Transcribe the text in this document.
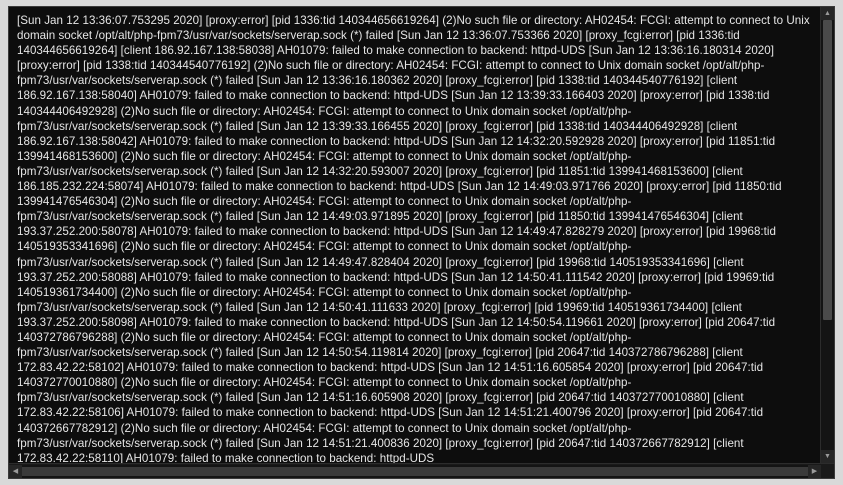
[Sun Jan 12 13:36:07.753295 2020] [proxy:error] [pid 1336:tid 140344656619264] (2)No such file or directory: AH02454: FCGI: attempt to connect to Unix domain socket /opt/alt/php-fpm73/usr/var/sockets/serverap.sock (*) failed [Sun Jan 12 13:36:07.753366 2020] [proxy_fcgi:error] [pid 1336:tid 140344656619264] [client 186.92.167.138:58038] AH01079: failed to make connection to backend: httpd-UDS [Sun Jan 12 13:36:16.180314 2020] [proxy:error] [pid 1338:tid 140344540776192] (2)No such file or directory: AH02454: FCGI: attempt to connect to Unix domain socket /opt/alt/php-fpm73/usr/var/sockets/serverap.sock (*) failed [Sun Jan 12 13:36:16.180362 2020] [proxy_fcgi:error] [pid 1338:tid 140344540776192] [client 186.92.167.138:58040] AH01079: failed to make connection to backend: httpd-UDS [Sun Jan 12 13:39:33.166403 2020] [proxy:error] [pid 1338:tid 140344406492928] (2)No such file or directory: AH02454: FCGI: attempt to connect to Unix domain socket /opt/alt/php-fpm73/usr/var/sockets/serverap.sock (*) failed [Sun Jan 12 13:39:33.166455 2020] [proxy_fcgi:error] [pid 1338:tid 140344406492928] [client 186.92.167.138:58042] AH01079: failed to make connection to backend: httpd-UDS [Sun Jan 12 14:32:20.592928 2020] [proxy:error] [pid 11851:tid 139941468153600] (2)No such file or directory: AH02454: FCGI: attempt to connect to Unix domain socket /opt/alt/php-fpm73/usr/var/sockets/serverap.sock (*) failed [Sun Jan 12 14:32:20.593007 2020] [proxy_fcgi:error] [pid 11851:tid 139941468153600] [client 186.185.232.224:58074] AH01079: failed to make connection to backend: httpd-UDS [Sun Jan 12 14:49:03.971766 2020] [proxy:error] [pid 11850:tid 139941476546304] (2)No such file or directory: AH02454: FCGI: attempt to connect to Unix domain socket /opt/alt/php-fpm73/usr/var/sockets/serverap.sock (*) failed [Sun Jan 12 14:49:03.971895 2020] [proxy_fcgi:error] [pid 11850:tid 139941476546304] [client 193.37.252.200:58078] AH01079: failed to make connection to backend: httpd-UDS [Sun Jan 12 14:49:47.828279 2020] [proxy:error] [pid 19968:tid 140519353341696] (2)No such file or directory: AH02454: FCGI: attempt to connect to Unix domain socket /opt/alt/php-fpm73/usr/var/sockets/serverap.sock (*) failed [Sun Jan 12 14:49:47.828404 2020] [proxy_fcgi:error] [pid 19968:tid 140519353341696] [client 193.37.252.200:58088] AH01079: failed to make connection to backend: httpd-UDS [Sun Jan 12 14:50:41.111542 2020] [proxy:error] [pid 19969:tid 140519361734400] (2)No such file or directory: AH02454: FCGI: attempt to connect to Unix domain socket /opt/alt/php-fpm73/usr/var/sockets/serverap.sock (*) failed [Sun Jan 12 14:50:41.111633 2020] [proxy_fcgi:error] [pid 19969:tid 140519361734400] [client 193.37.252.200:58098] AH01079: failed to make connection to backend: httpd-UDS [Sun Jan 12 14:50:54.119661 2020] [proxy:error] [pid 20647:tid 140372786796288] (2)No such file or directory: AH02454: FCGI: attempt to connect to Unix domain socket /opt/alt/php-fpm73/usr/var/sockets/serverap.sock (*) failed [Sun Jan 12 14:50:54.119814 2020] [proxy_fcgi:error] [pid 20647:tid 140372786796288] [client 172.83.42.22:58102] AH01079: failed to make connection to backend: httpd-UDS [Sun Jan 12 14:51:16.605854 2020] [proxy:error] [pid 20647:tid 140372770010880] (2)No such file or directory: AH02454: FCGI: attempt to connect to Unix domain socket /opt/alt/php-fpm73/usr/var/sockets/serverap.sock (*) failed [Sun Jan 12 14:51:16.605908 2020] [proxy_fcgi:error] [pid 20647:tid 140372770010880] [client 172.83.42.22:58106] AH01079: failed to make connection to backend: httpd-UDS [Sun Jan 12 14:51:21.400796 2020] [proxy:error] [pid 20647:tid 140372667782912] (2)No such file or directory: AH02454: FCGI: attempt to connect to Unix domain socket /opt/alt/php-fpm73/usr/var/sockets/serverap.sock (*) failed [Sun Jan 12 14:51:21.400836 2020] [proxy_fcgi:error] [pid 20647:tid 140372667782912] [client 172.83.42.22:58110] AH01079: failed to make connection to backend: httpd-UDS
▲
▼
◀	▶
